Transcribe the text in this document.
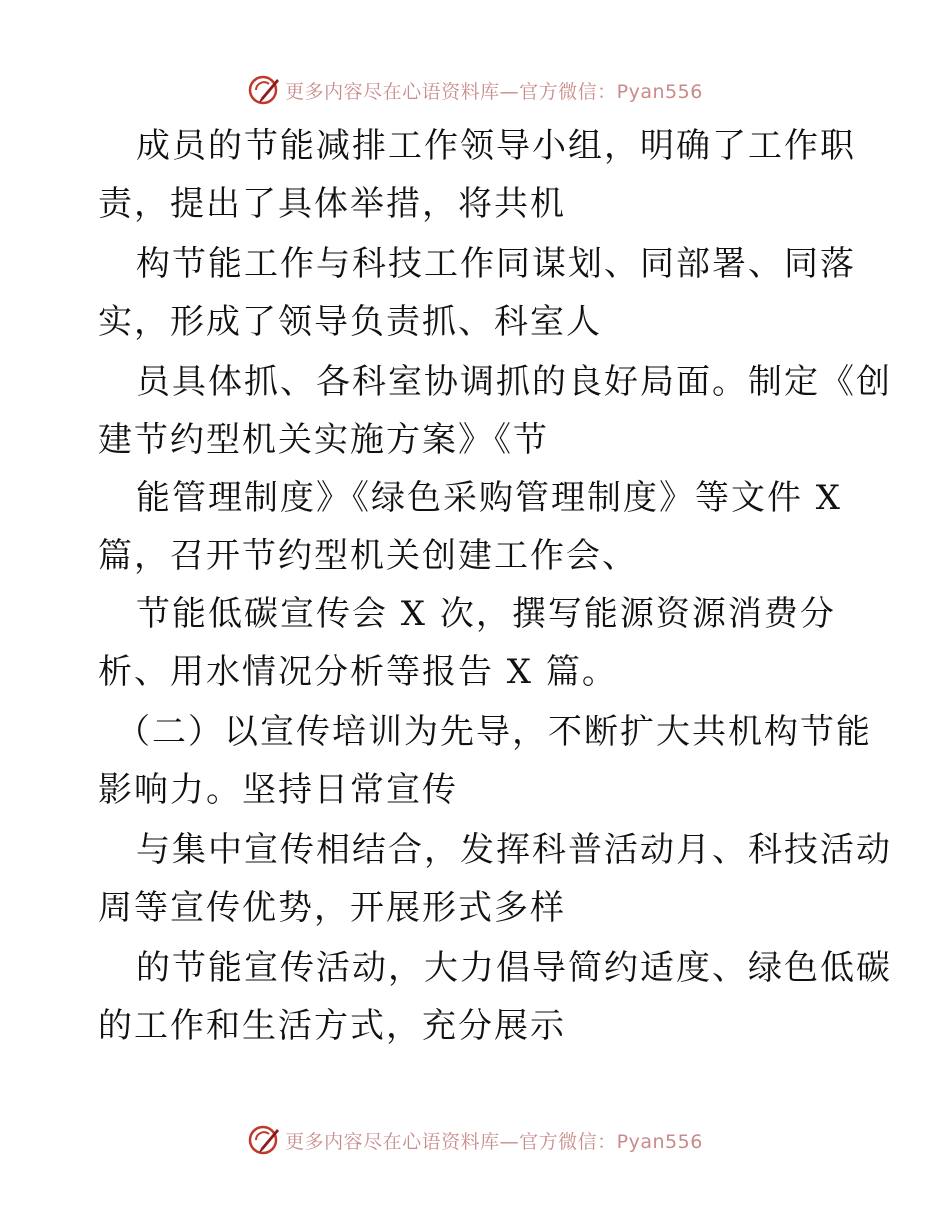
更多内容尽在心语资料库—官方微信：Pyan556
成员的节能减排工作领导小组，明确了工作职
责，提出了具体举措，将共机
构节能工作与科技工作同谋划、同部署、同落
实，形成了领导负责抓、科室人
员具体抓、各科室协调抓的良好局面。制定《创
建节约型机关实施方案》《节
能管理制度》《绿色采购管理制度》等文件 X
篇，召开节约型机关创建工作会、
节能低碳宣传会 X 次，撰写能源资源消费分
析、用水情况分析等报告 X 篇。
（二）以宣传培训为先导，不断扩大共机构节能
影响力。坚持日常宣传
与集中宣传相结合，发挥科普活动月、科技活动
周等宣传优势，开展形式多样
的节能宣传活动，大力倡导简约适度、绿色低碳
的工作和生活方式，充分展示
更多内容尽在心语资料库—官方微信：Pyan556
